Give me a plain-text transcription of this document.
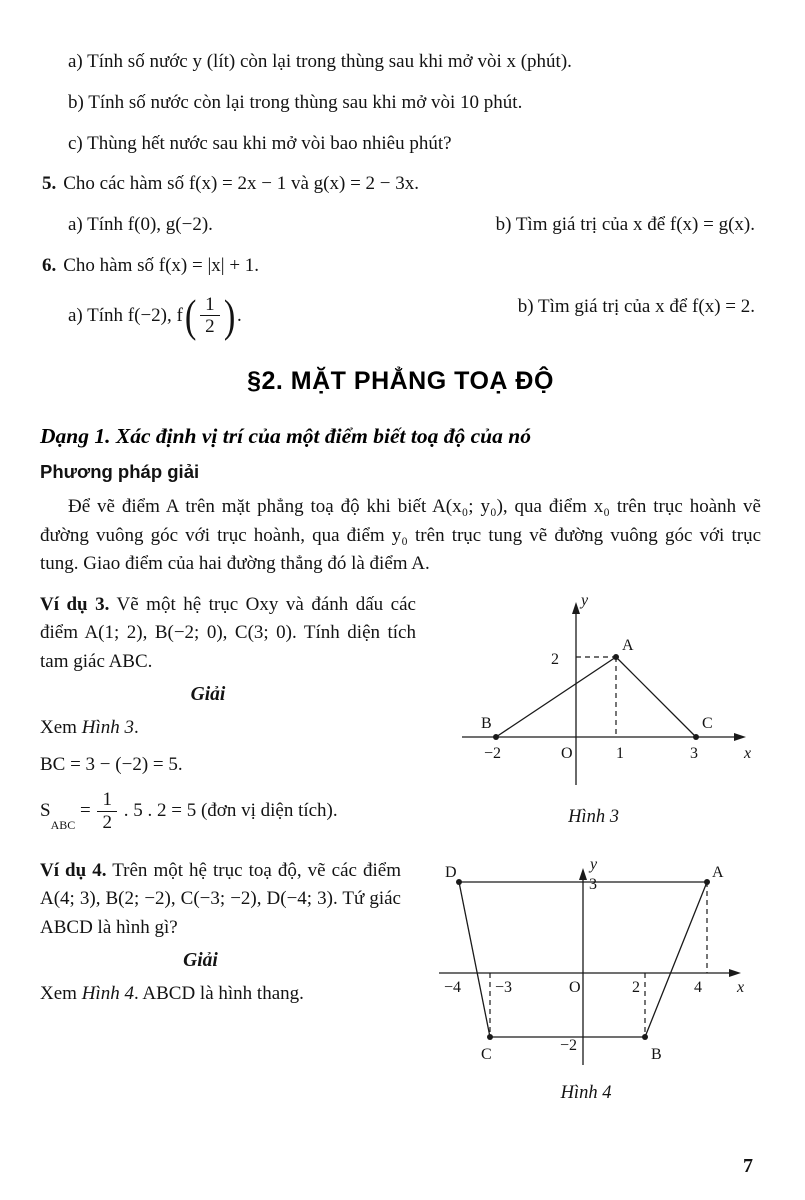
a) Tính số nước y (lít) còn lại trong thùng sau khi mở vòi x (phút).

b) Tính số nước còn lại trong thùng sau khi mở vòi 10 phút.

c) Thùng hết nước sau khi mở vòi bao nhiêu phút?

5. Cho các hàm số f(x) = 2x − 1 và g(x) = 2 − 3x.

a) Tính f(0), g(−2).	b) Tìm giá trị của x để f(x) = g(x).

6. Cho hàm số f(x) = |x| + 1.

a) Tính f(−2), f ( $\frac{1}{2}$ ) .	b) Tìm giá trị của x để f(x) = 2.
§2. MẶT PHẲNG TOẠ ĐỘ
Dạng 1. Xác định vị trí của một điểm biết toạ độ của nó
Phương pháp giải

Để vẽ điểm A trên mặt phẳng toạ độ khi biết A(x₀; y₀), qua điểm x₀ trên trục hoành vẽ đường vuông góc với trục hoành, qua điểm y₀ trên trục tung vẽ đường vuông góc với trục tung. Giao điểm của hai đường thẳng đó là điểm A.

Ví dụ 3. Vẽ một hệ trục Oxy và đánh dấu các điểm A(1; 2), B(−2; 0), C(3; 0). Tính diện tích tam giác ABC.

Giải

Xem Hình 3.

BC = 3 − (−2) = 5.

S
$_{ABC}$
= $\frac{1}{2}$ . 5 . 2 = 5 (đơn vị diện tích).

y
x
O
A
B	C
−2	1	3
2
Hình 3

Ví dụ 4. Trên một hệ trục toạ độ, vẽ các điểm A(4; 3), B(2; −2), C(−3; −2), D(−4; 3). Tứ giác ABCD là hình gì?

Giải

Xem Hình 4. ABCD là hình thang.

y
x
O
−4 −3	2	4
3
−2
D	A
C	B
Hình 4
7
